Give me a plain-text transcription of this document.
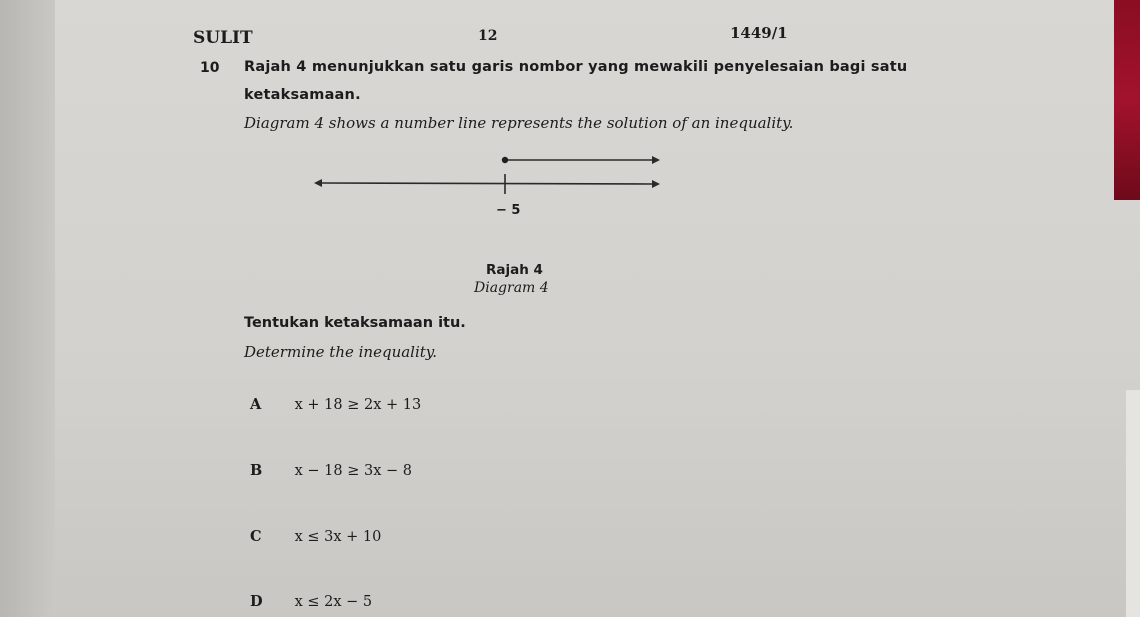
SULIT	12	1449/1
10 Rajah 4 menunjukkan satu garis nombor yang mewakili penyelesaian bagi satu
ketaksamaan.
Diagram 4 shows a number line represents the solution of an inequality.
− 5
Rajah 4
Diagram 4
Tentukan ketaksamaan itu.
Determine the inequality.
A x + 18 ≥ 2x + 13
B x − 18 ≥ 3x − 8
C x ≤ 3x + 10
D x ≤ 2x − 5
